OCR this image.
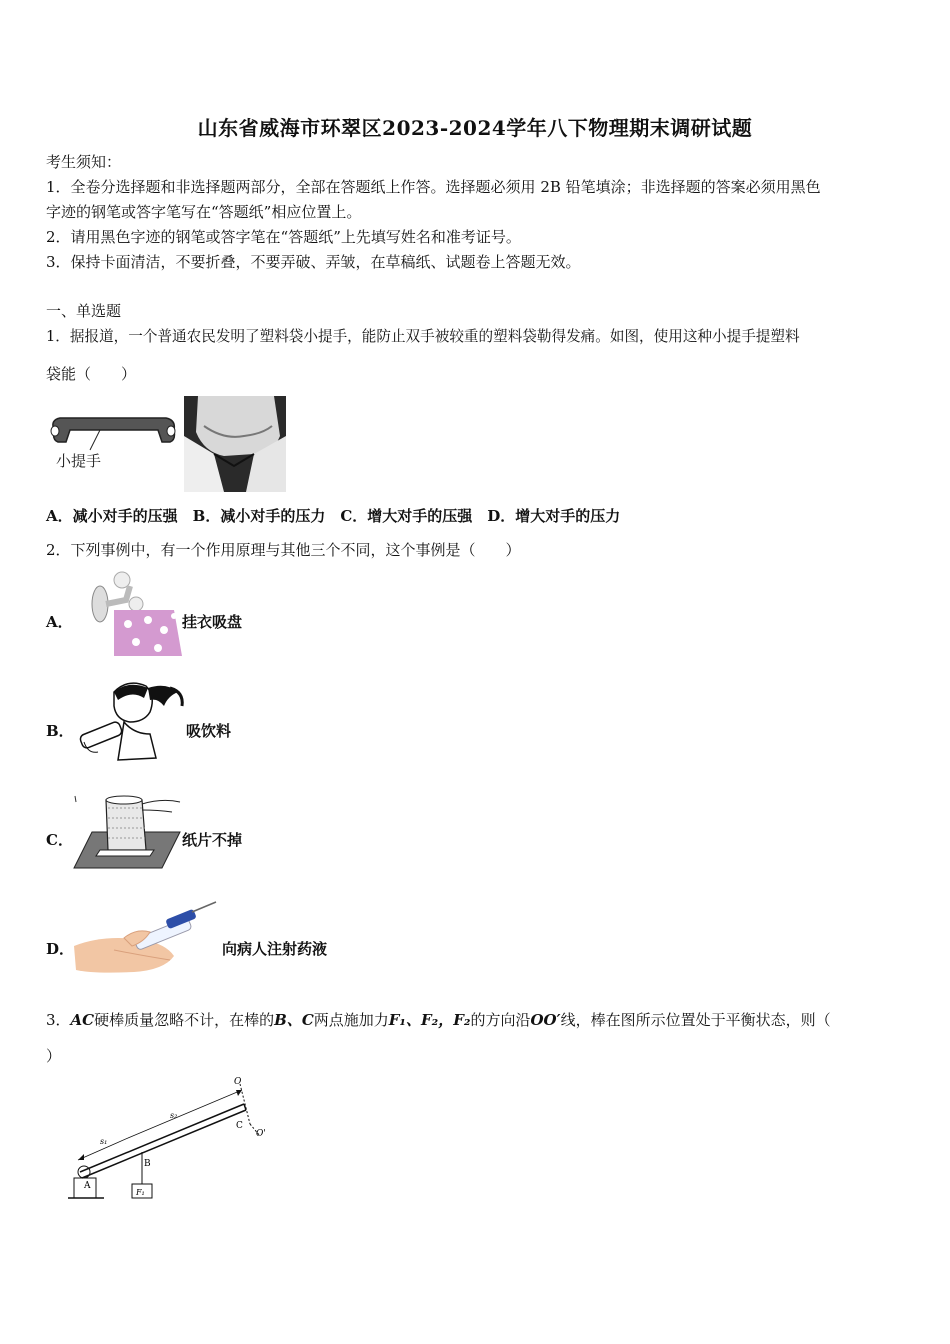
山东省威海市环翠区2023-2024学年八下物理期末调研试题
考生须知：
1．全卷分选择题和非选择题两部分，全部在答题纸上作答。选择题必须用 2B 铅笔填涂；非选择题的答案必须用黑色
字迹的钢笔或答字笔写在“答题纸”相应位置上。
2．请用黑色字迹的钢笔或答字笔在“答题纸”上先填写姓名和准考证号。
3．保持卡面清洁，不要折叠，不要弄破、弄皱，在草稿纸、试题卷上答题无效。
一、单选题
1．据报道，一个普通农民发明了塑料袋小提手，能防止双手被较重的塑料袋勒得发痛。如图，使用这种小提手提塑料
袋能（　　）
小提手
A．减小对手的压强　B．减小对手的压力　C．增大对手的压强　D．增大对手的压力
2．下列事例中，有一个作用原理与其他三个不同，这个事例是（　　）
A．	挂衣吸盘
B．	吸饮料
C．	纸片不掉
D．	向病人注射药液
3．AC硬棒质量忽略不计，在棒的B、C两点施加力F₁、F₂，F₂的方向沿OO′线，棒在图所示位置处于平衡状态，则（
）
A
B
C
O
O'
s₁
s₂
F₁
